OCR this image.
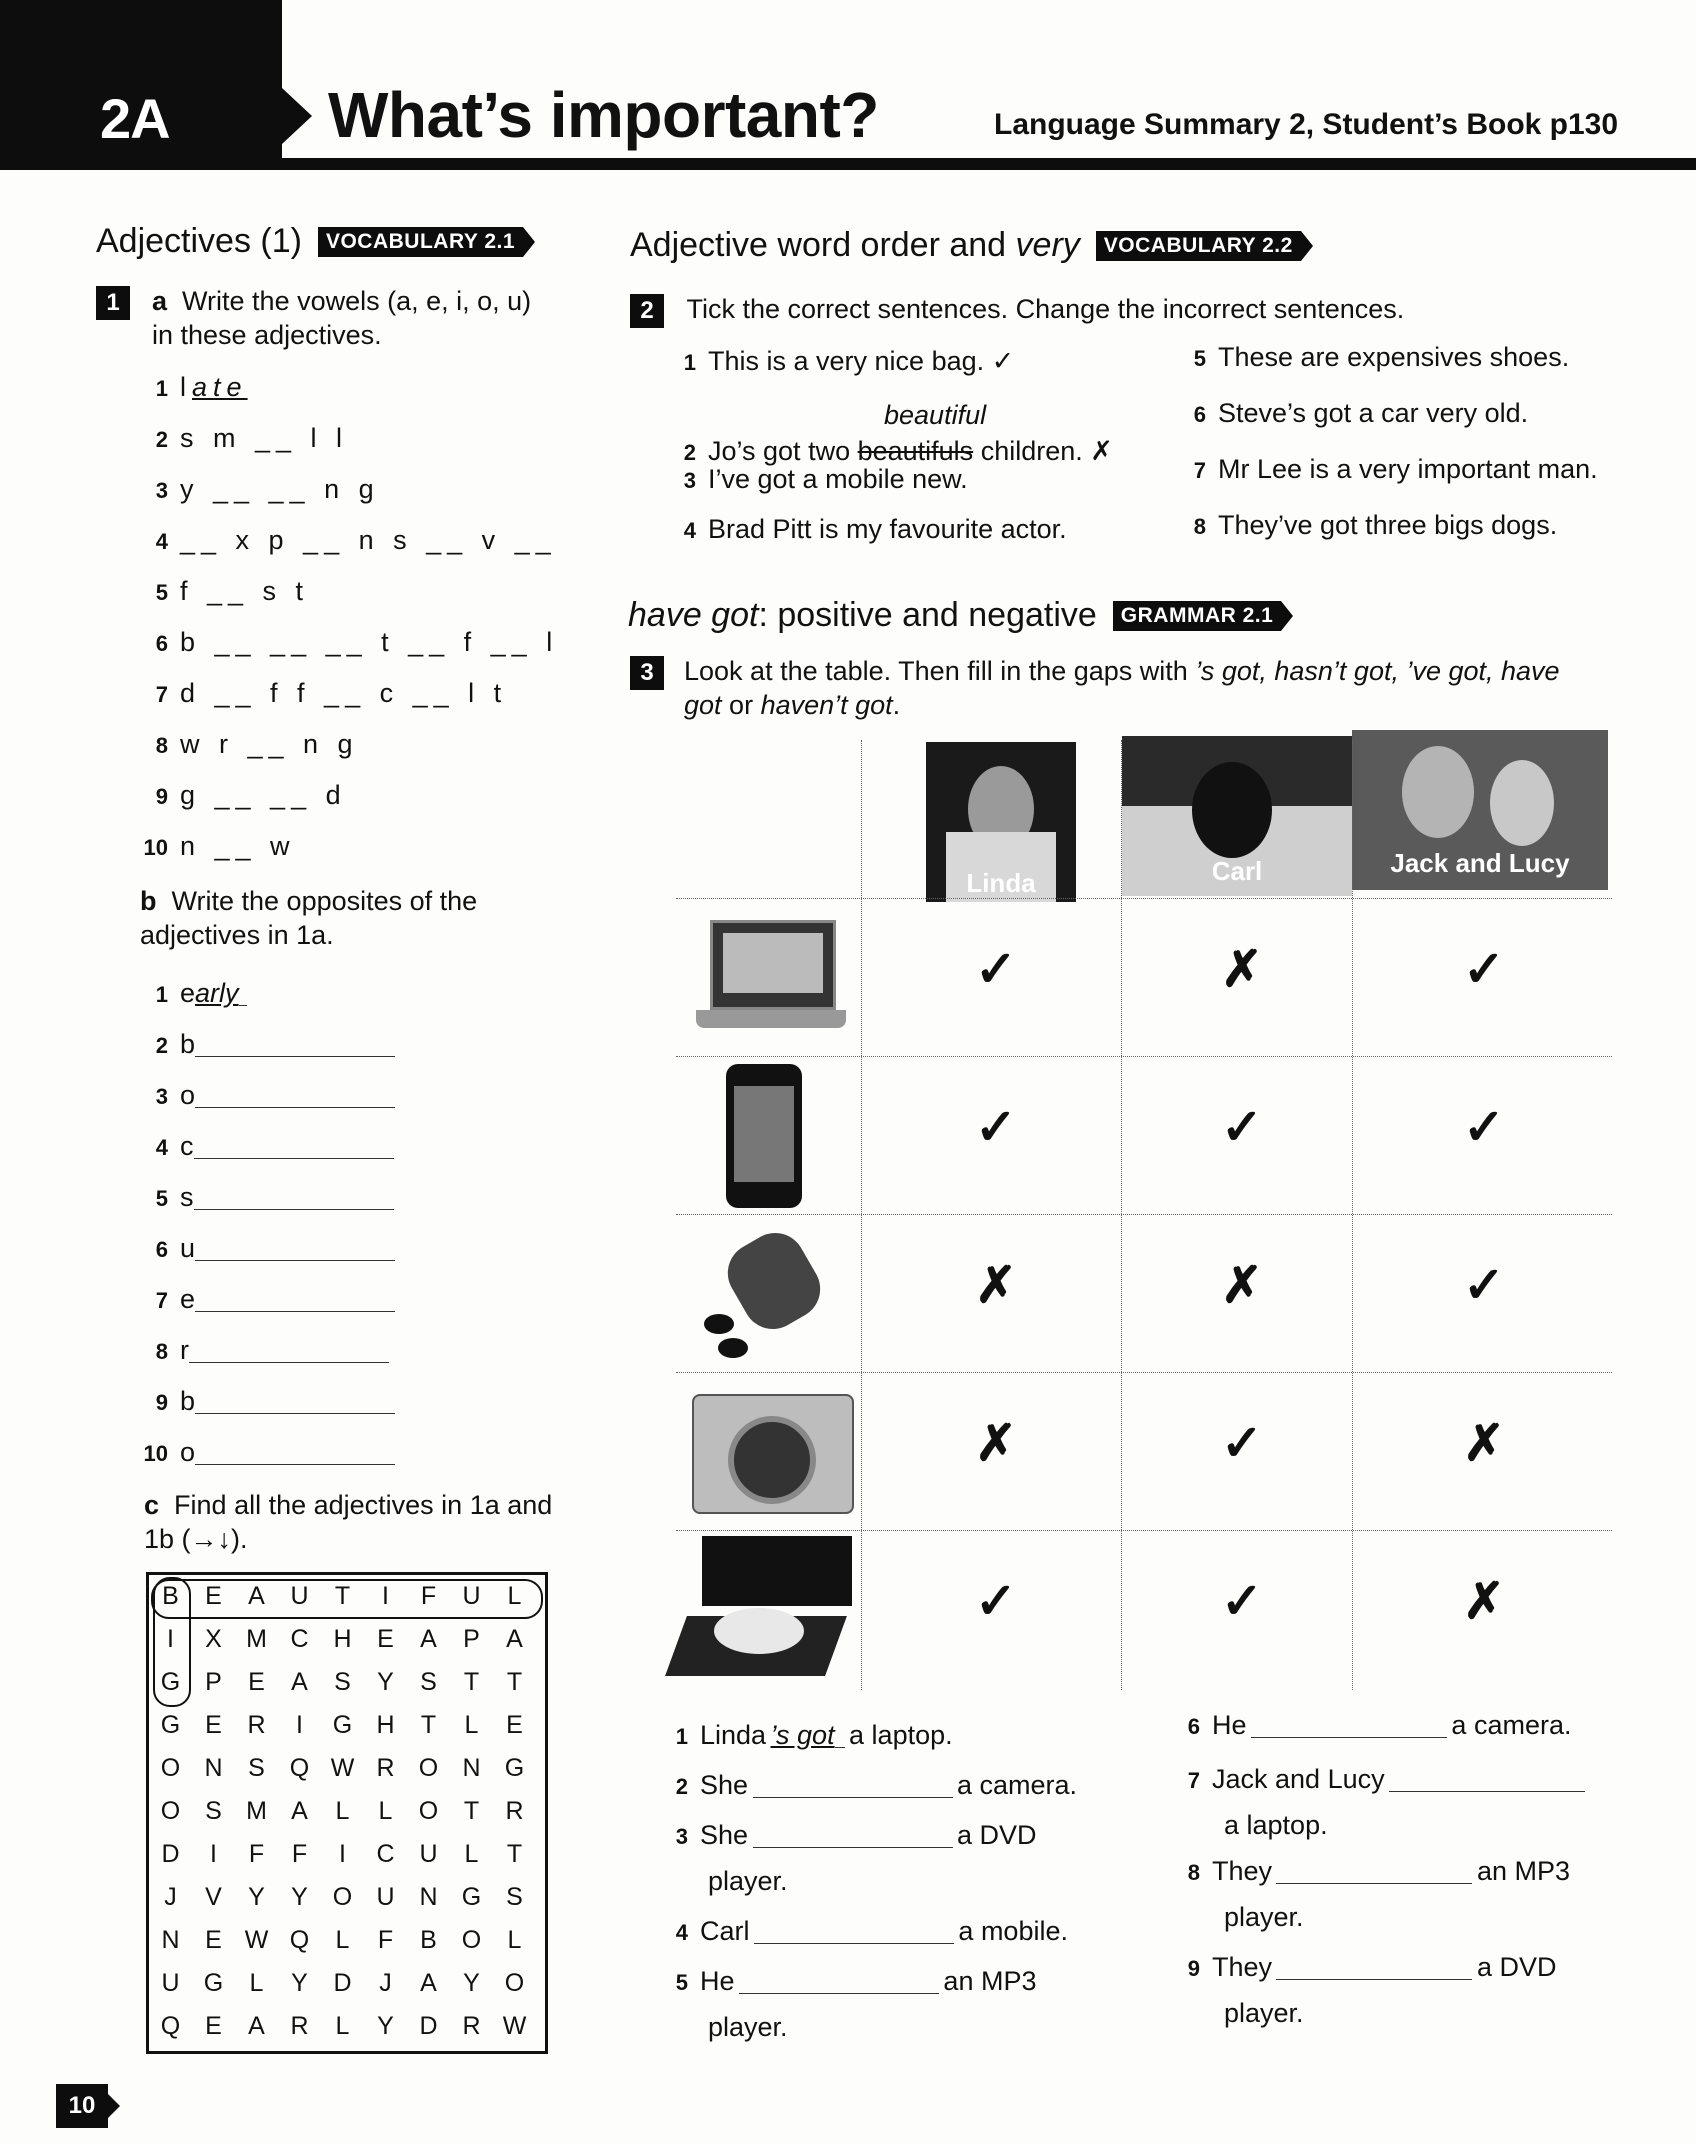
2A What’s important?	Language Summary 2, Student’s Book p130
Adjectives (1) VOCABULARY 2.1
1	a Write the vowels (a, e, i, o, u) in these adjectives.
1 late
2 s m __ l l
3 y __ __ n g
4 __ x p __ n s __ v __
5 f __ s t
6 b __ __ __ t __ f __ l
7 d __ f f __ c __ l t
8 w r __ n g
9 g __ __ d
10 n __ w
b Write the opposites of the adjectives in 1a.
1 early
2 b
3 o
4 c
5 s
6 u
7 e
8 r
9 b
10 o
c Find all the adjectives in 1a and 1b (→↓).
B	E	A	U	T	I	F	U	L
I	X M C H	E	A	P	A
G P	E	A	S	Y	S	T	T
G E	R	I	G H	T	L	E
O N	S Q W R O N G
O S M A	L	L	O	T	R
D	I	F	F	I	C U	L	T
J	V	Y	Y O U N G S
N	E W Q	L	F	B O	L
U G	L	Y	D	J	A	Y O
Q E	A	R	L	Y	D R W
Adjective word order and very VOCABULARY 2.2
2 Tick the correct sentences. Change the incorrect sentences.
1 This is a very nice bag. ✓
2 Jo’s got two beautifuls children. ✗
beautiful
3 I’ve got a mobile new.
4 Brad Pitt is my favourite actor.
5 These are expensives shoes.
6 Steve’s got a car very old.
7 Mr Lee is a very important man.
8 They’ve got three bigs dogs.
have got: positive and negative GRAMMAR 2.1
3	Look at the table. Then fill in the gaps with ’s got, hasn’t got, ’ve got, have got or haven’t got.
Linda	Carl	Jack and Lucy
✓	✗	✓
✓	✓	✓
✗	✗	✓
✗	✓	✗
✓	✓	✗
1 Linda ’s got a laptop.
2 She	a camera.
3 She	a DVD
player.
4 Carl	a mobile.
5 He	an MP3
player.
6 He	a camera.
7 Jack and Lucy
a laptop.
8 They	an MP3
player.
9 They	a DVD
player.
10
